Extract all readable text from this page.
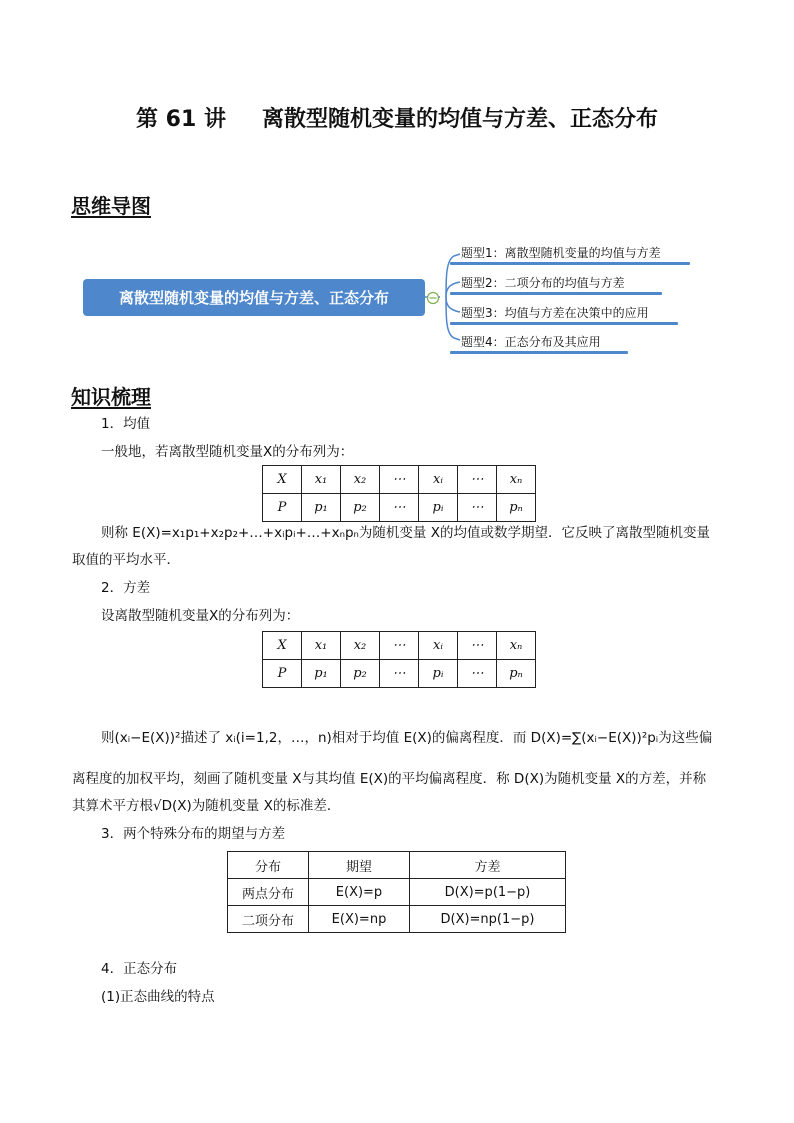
第 61 讲 离散型随机变量的均值与方差、正态分布
思维导图
离散型随机变量的均值与方差、正态分布
题型1：离散型随机变量的均值与方差
题型2：二项分布的均值与方差
题型3：均值与方差在决策中的应用
题型4：正态分布及其应用
知识梳理
1．均值
一般地，若离散型随机变量X的分布列为：
X	x₁	x₂	⋯	xᵢ	⋯	xₙ
P	p₁	p₂	⋯	pᵢ	⋯	pₙ
则称 E(X)=x₁p₁+x₂p₂+…+xᵢpᵢ+…+xₙpₙ为随机变量 X的均值或数学期望．它反映了离散型随机变量
取值的平均水平．
2．方差
设离散型随机变量X的分布列为：
X	x₁	x₂	⋯	xᵢ	⋯	xₙ
P	p₁	p₂	⋯	pᵢ	⋯	pₙ
则(xᵢ−E(X))²描述了 xᵢ(i=1,2，…，n)相对于均值 E(X)的偏离程度．而 D(X)=∑(xᵢ−E(X))²pᵢ为这些偏
离程度的加权平均，刻画了随机变量 X与其均值 E(X)的平均偏离程度．称 D(X)为随机变量 X的方差，并称
其算术平方根√D(X)为随机变量 X的标准差．
3．两个特殊分布的期望与方差
分布	期望	方差
两点分布	E(X)=p	D(X)=p(1−p)
二项分布	E(X)=np	D(X)=np(1−p)
4．正态分布
(1)正态曲线的特点
